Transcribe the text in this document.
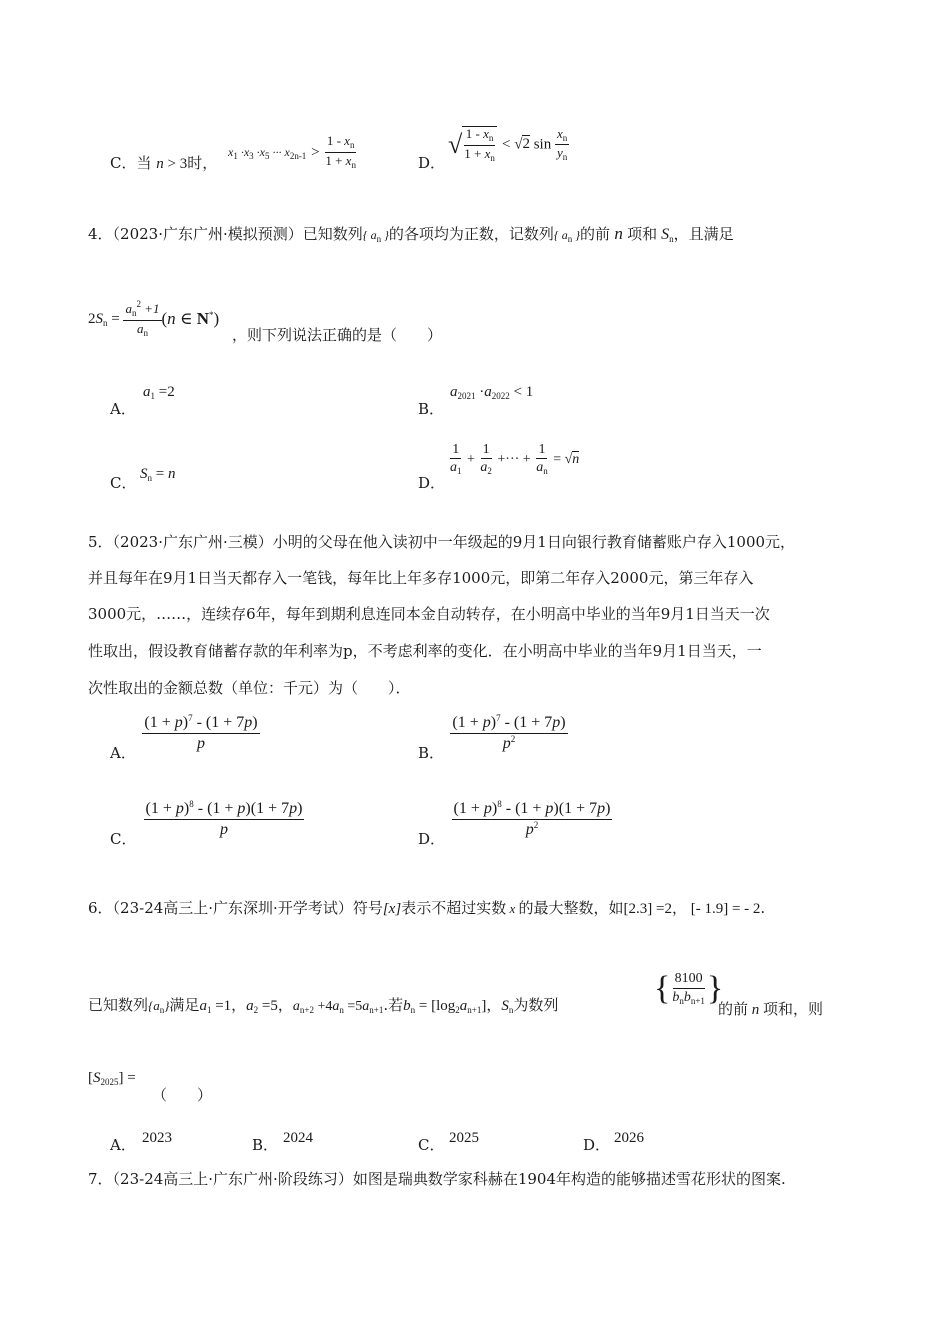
C．当 n > 3时，
$x_1 \cdot x_3 \cdot x_5$ ··· $x_{2n-1} > \frac{1 - x_n}{1 + x_n}$	D．
√ $\frac{1 - x_n}{1 + x_n} < √2$ $\sin \frac{x_n}{y_n}$
4．（2023·广东广州·模拟预测）已知数列{ $a_n$ }的各项均为正数，记数列{ $a_n$ }的前 n 项和 $S_n$，且满足
$2S_n = \frac{a_n^2 +1}{a_n} (n$ ∈ N*)
，则下列说法正确的是（　　）
A．
$a_1 =2$
B．
$a_{2021} \cdot a_{2022} < 1$
C． $S_n = n$	D．
$\frac{1}{a_1} + \frac{1}{a_2}$ +··· + $\frac{1}{a_n} = √n$
5．（2023·广东广州·三模）小明的父母在他入读初中一年级起的9月1日向银行教育储蓄账户存入1000元，
并且每年在9月1日当天都存入一笔钱，每年比上年多存1000元，即第二年存入2000元，第三年存入
3000元，……，连续存6年，每年到期利息连同本金自动转存，在小明高中毕业的当年9月1日当天一次
性取出，假设教育储蓄存款的年利率为p，不考虑利率的变化．在小明高中毕业的当年9月1日当天，一
次性取出的金额总数（单位：千元）为（　　）．
A．
$\frac{(1 + p)^7 - (1 + 7p)}{p}$
B．
$\frac{(1 + p)^7 - (1 + 7p)}{p^2}$
C．
$\frac{(1 + p)^8 - (1 + p)(1 + 7p)}{p}$
D．
$\frac{(1 + p)^8 - (1 + p)(1 + 7p)}{p^2}$
6．（23-24高三上·广东深圳·开学考试）符号[x]表示不超过实数 x 的最大整数，如[2.3] =2， [- 1.9] = - 2.
已知数列$\{a_n\}$满足$a_1 =1$，$a_2 =5$，$a_{n+2} +4a_n =5a_{n+1}$.若$b_n = [\log_2a_{n+1}]$，$S_n$为数列	{ $\frac{8100}{b_nb_{n+1}}$ }
的前 n 项和，则
$[S_{2025}]$ =
（　　）
A． 2023	B． 2024	C． 2025	D． 2026
7．（23-24高三上·广东广州·阶段练习）如图是瑞典数学家科赫在1904年构造的能够描述雪花形状的图案.
